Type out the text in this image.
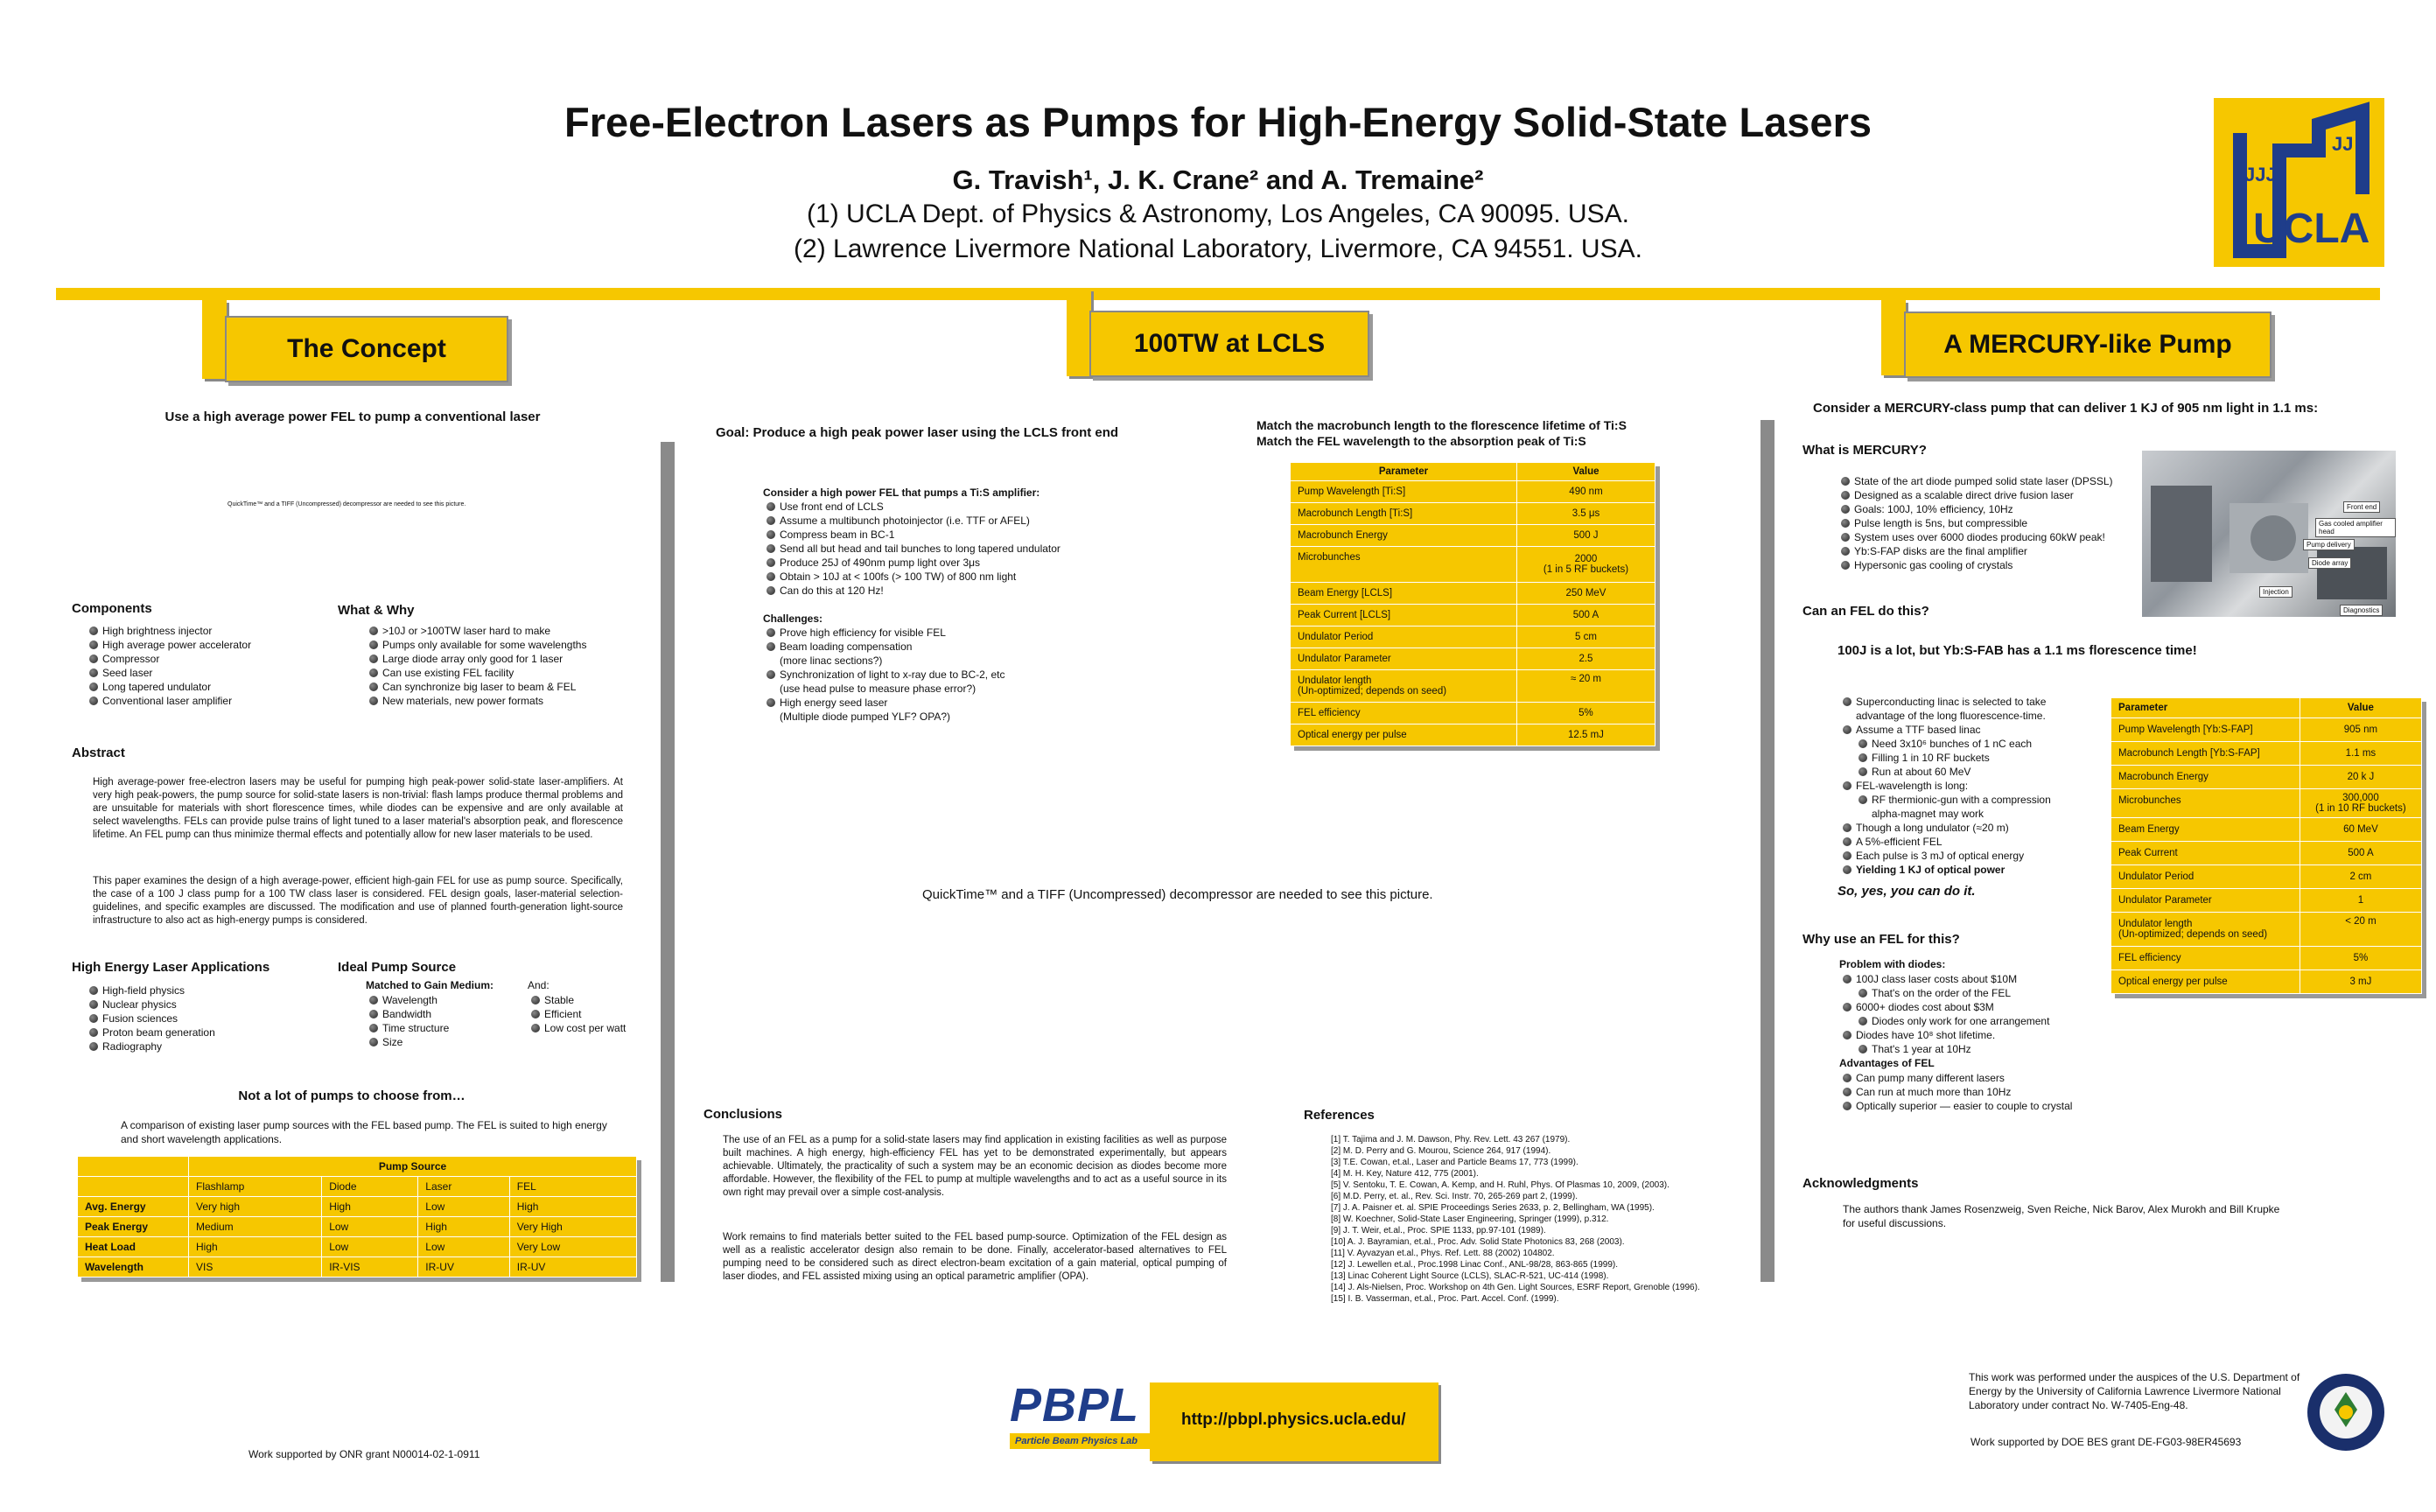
Free-Electron Lasers as Pumps for High-Energy Solid-State Lasers
G. Travish¹, J. K. Crane² and A. Tremaine²
(1) UCLA Dept. of Physics & Astronomy, Los Angeles, CA 90095. USA.
(2) Lawrence Livermore National Laboratory, Livermore, CA 94551. USA.
JJJ
JJ
UCLA
The Concept	100TW at LCLS	A MERCURY-like Pump
Use a high average power FEL to pump a conventional laser
QuickTime™ and a TIFF (Uncompressed) decompressor are needed to see this picture.
Components
High brightness injector
High average power accelerator
Compressor
Seed laser
Long tapered undulator
Conventional laser amplifier
What & Why
>10J or >100TW laser hard to make
Pumps only available for some wavelengths
Large diode array only good for 1 laser
Can use existing FEL facility
Can synchronize big laser to beam & FEL
New materials, new power formats
Abstract
High average-power free-electron lasers may be useful for pumping high peak-power solid-state laser-amplifiers. At very high peak-powers, the pump source for solid-state lasers is non-trivial: flash lamps produce thermal problems and are unsuitable for materials with short florescence times, while diodes can be expensive and are only available at select wavelengths. FELs can provide pulse trains of light tuned to a laser material's absorption peak, and florescence lifetime. An FEL pump can thus minimize thermal effects and potentially allow for new laser materials to be used.
This paper examines the design of a high average-power, efficient high-gain FEL for use as pump source. Specifically, the case of a 100 J class pump for a 100 TW class laser is considered. FEL design goals, laser-material selection-guidelines, and specific examples are discussed. The modification and use of planned fourth-generation light-source infrastructure to also act as high-energy pumps is considered.
High Energy Laser Applications
High-field physics
Nuclear physics
Fusion sciences
Proton beam generation
Radiography
Ideal Pump Source
Matched to Gain Medium:
Wavelength
Bandwidth
Time structure
Size
And:
Stable
Efficient
Low cost per watt
Not a lot of pumps to choose from…
A comparison of existing laser pump sources with the FEL based pump. The FEL is suited to high energy and short wavelength applications.
	Pump Source			
	Flashlamp	Diode	Laser	FEL
Avg. Energy	Very high	High	Low	High
Peak Energy	Medium	Low	High	Very High
Heat Load	High	Low	Low	Very Low
Wavelength	VIS	IR-VIS	IR-UV	IR-UV
Work supported by ONR grant N00014-02-1-0911
Goal: Produce a high peak power laser using the LCLS front end
Consider a high power FEL that pumps a Ti:S amplifier:
Use front end of LCLS
Assume a multibunch photoinjector (i.e. TTF or AFEL)
Compress beam in BC-1
Send all but head and tail bunches to long tapered undulator
Produce 25J of 490nm pump light over 3μs
Obtain > 10J at < 100fs (> 100 TW) of 800 nm light
Can do this at 120 Hz!
Challenges:
Prove high efficiency for visible FEL
Beam loading compensation
(more linac sections?)
Synchronization of light to x-ray due to BC-2, etc
(use head pulse to measure phase error?)
High energy seed laser
(Multiple diode pumped YLF? OPA?)
Match the macrobunch length to the florescence lifetime of Ti:S
Match the FEL wavelength to the absorption peak of Ti:S
Parameter	Value
Pump Wavelength [Ti:S]	490 nm
Macrobunch Length [Ti:S]	3.5 μs
Macrobunch Energy	500 J
Microbunches	2000
(1 in 5 RF buckets)
Beam Energy [LCLS]	250 MeV
Peak Current [LCLS]	500 A
Undulator Period	5 cm
Undulator Parameter	2.5
Undulator length
(Un-optimized; depends on seed)	≈ 20 m
FEL efficiency	5%
Optical energy per pulse	12.5 mJ
QuickTime™ and a TIFF (Uncompressed) decompressor are needed to see this picture.
Conclusions
The use of an FEL as a pump for a solid-state lasers may find application in existing facilities as well as purpose built machines. A high energy, high-efficiency FEL has yet to be demonstrated experimentally, but appears achievable. Ultimately, the practicality of such a system may be an economic decision as diodes become more affordable. However, the flexibility of the FEL to pump at multiple wavelengths and to act as a useful source in its own right may prevail over a simple cost-analysis.
Work remains to find materials better suited to the FEL based pump-source. Optimization of the FEL design as well as a realistic accelerator design also remain to be done. Finally, accelerator-based alternatives to FEL pumping need to be considered such as direct electron-beam excitation of a gain material, optical pumping of laser diodes, and FEL assisted mixing using an optical parametric amplifier (OPA).
References
[1] T. Tajima and J. M. Dawson, Phy. Rev. Lett. 43 267 (1979).
[2] M. D. Perry and G. Mourou, Science 264, 917 (1994).
[3] T.E. Cowan, et.al., Laser and Particle Beams 17, 773 (1999).
[4] M. H. Key, Nature 412, 775 (2001).
[5] V. Sentoku, T. E. Cowan, A. Kemp, and H. Ruhl, Phys. Of Plasmas 10, 2009, (2003).
[6] M.D. Perry, et. al., Rev. Sci. Instr. 70, 265-269 part 2, (1999).
[7] J. A. Paisner et. al. SPIE Proceedings Series 2633, p. 2, Bellingham, WA (1995).
[8] W. Koechner, Solid-State Laser Engineering, Springer (1999), p.312.
[9] J. T. Weir, et.al., Proc. SPIE 1133, pp.97-101 (1989).
[10] A. J. Bayramian, et.al., Proc. Adv. Solid State Photonics 83, 268 (2003).
[11] V. Ayvazyan et.al., Phys. Ref. Lett. 88 (2002) 104802.
[12] J. Lewellen et.al., Proc.1998 Linac Conf., ANL-98/28, 863-865 (1999).
[13] Linac Coherent Light Source (LCLS), SLAC-R-521, UC-414 (1998).
[14] J. Als-Nielsen, Proc. Workshop on 4th Gen. Light Sources, ESRF Report, Grenoble (1996).
[15] I. B. Vasserman, et.al., Proc. Part. Accel. Conf. (1999).
PBPL
Particle Beam Physics Lab
http://pbpl.physics.ucla.edu/
Consider a MERCURY-class pump that can deliver 1 KJ of 905 nm light in 1.1 ms:
What is MERCURY?
State of the art diode pumped solid state laser (DPSSL)
Designed as a scalable direct drive fusion laser
Goals: 100J, 10% efficiency, 10Hz
Pulse length is 5ns, but compressible
System uses over 6000 diodes producing 60kW peak!
Yb:S-FAP disks are the final amplifier
Hypersonic gas cooling of crystals
Front end
Gas cooled amplifier head
Pump delivery
Diode array
Injection
Diagnostics
Can an FEL do this?
100J is a lot, but Yb:S-FAB has a 1.1 ms florescence time!
Superconducting linac is selected to take advantage of the long fluorescence-time.
Assume a TTF based linac
Need 3x10⁶ bunches of 1 nC each
Filling 1 in 10 RF buckets
Run at about 60 MeV
FEL-wavelength is long:
RF thermionic-gun with a compression alpha-magnet may work
Though a long undulator (≈20 m)
A 5%-efficient FEL
Each pulse is 3 mJ of optical energy
Yielding 1 KJ of optical power
So, yes, you can do it.
Why use an FEL for this?
Problem with diodes:
100J class laser costs about $10M
That's on the order of the FEL
6000+ diodes cost about $3M
Diodes only work for one arrangement
Diodes have 10⁸ shot lifetime.
That's 1 year at 10Hz
Advantages of FEL
Can pump many different lasers
Can run at much more than 10Hz
Optically superior — easier to couple to crystal
Parameter	Value
Pump Wavelength [Yb:S-FAP]	905 nm
Macrobunch Length [Yb:S-FAP]	1.1 ms
Macrobunch Energy	20 k J
Microbunches	300,000
(1 in 10 RF buckets)
Beam Energy	60 MeV
Peak Current	500 A
Undulator Period	2 cm
Undulator Parameter	1
Undulator length
(Un-optimized; depends on seed)	< 20 m
FEL efficiency	5%
Optical energy per pulse	3 mJ
Acknowledgments
The authors thank James Rosenzweig, Sven Reiche, Nick Barov, Alex Murokh and Bill Krupke for useful discussions.
This work was performed under the auspices of the U.S. Department of Energy by the University of California Lawrence Livermore National Laboratory under contract No. W-7405-Eng-48.
Work supported by DOE BES grant DE-FG03-98ER45693
